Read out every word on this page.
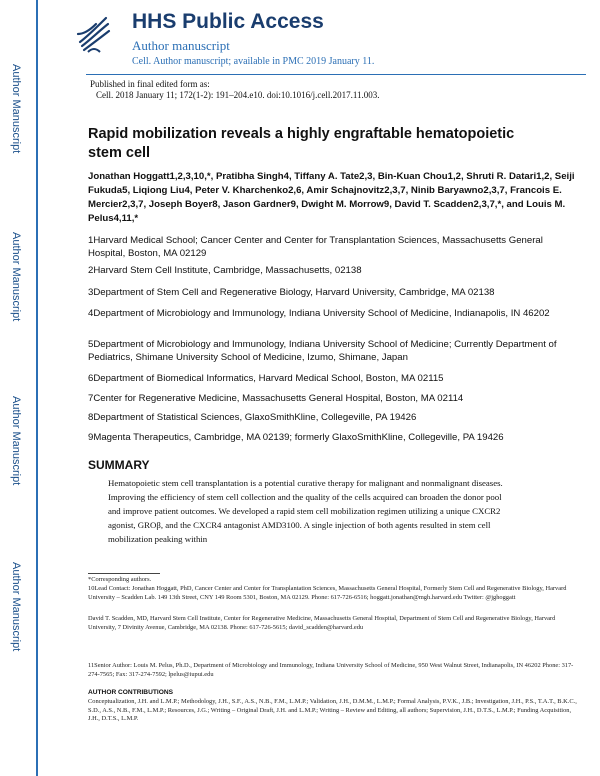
Author Manuscript
Author Manuscript
Author Manuscript
Author Manuscript
HHS Public Access
Author manuscript
Cell. Author manuscript; available in PMC 2019 January 11.
Published in final edited form as:
Cell. 2018 January 11; 172(1-2): 191–204.e10. doi:10.1016/j.cell.2017.11.003.
Rapid mobilization reveals a highly engraftable hematopoietic stem cell
Jonathan Hoggatt1,2,3,10,*, Pratibha Singh4, Tiffany A. Tate2,3, Bin-Kuan Chou1,2, Shruti R. Datari1,2, Seiji Fukuda5, Liqiong Liu4, Peter V. Kharchenko2,6, Amir Schajnovitz2,3,7, Ninib Baryawno2,3,7, Francois E. Mercier2,3,7, Joseph Boyer8, Jason Gardner9, Dwight M. Morrow9, David T. Scadden2,3,7,*, and Louis M. Pelus4,11,*
1Harvard Medical School; Cancer Center and Center for Transplantation Sciences, Massachusetts General Hospital, Boston, MA 02129
2Harvard Stem Cell Institute, Cambridge, Massachusetts, 02138
3Department of Stem Cell and Regenerative Biology, Harvard University, Cambridge, MA 02138
4Department of Microbiology and Immunology, Indiana University School of Medicine, Indianapolis, IN 46202
5Department of Microbiology and Immunology, Indiana University School of Medicine; Currently Department of Pediatrics, Shimane University School of Medicine, Izumo, Shimane, Japan
6Department of Biomedical Informatics, Harvard Medical School, Boston, MA 02115
7Center for Regenerative Medicine, Massachusetts General Hospital, Boston, MA 02114
8Department of Statistical Sciences, GlaxoSmithKline, Collegeville, PA 19426
9Magenta Therapeutics, Cambridge, MA 02139; formerly GlaxoSmithKline, Collegeville, PA 19426
SUMMARY
Hematopoietic stem cell transplantation is a potential curative therapy for malignant and nonmalignant diseases. Improving the efficiency of stem cell collection and the quality of the cells acquired can broaden the donor pool and improve patient outcomes. We developed a rapid stem cell mobilization regimen utilizing a unique CXCR2 agonist, GROβ, and the CXCR4 antagonist AMD3100. A single injection of both agents resulted in stem cell mobilization peaking within
*Corresponding authors.
10Lead Contact: Jonathan Hoggatt, PhD, Cancer Center and Center for Transplantation Sciences, Massachusetts General Hospital, Formerly Stem Cell and Regenerative Biology, Harvard University – Scadden Lab. 149 13th Street, CNY 149 Room 5301, Boston, MA 02129. Phone: 617-726-6516; hoggatt.jonathan@mgh.harvard.edu Twitter: @jghoggatt
David T. Scadden, MD, Harvard Stem Cell Institute, Center for Regenerative Medicine, Massachusetts General Hospital, Department of Stem Cell and Regenerative Biology, Harvard University, 7 Divinity Avenue, Cambridge, MA 02138. Phone: 617-726-5615; david_scadden@harvard.edu
11Senior Author: Louis M. Pelus, Ph.D., Department of Microbiology and Immunology, Indiana University School of Medicine, 950 West Walnut Street, Indianapolis, IN 46202 Phone: 317-274-7565; Fax: 317-274-7592; lpelus@iupui.edu
AUTHOR CONTRIBUTIONS
Conceptualization, J.H. and L.M.P.; Methodology, J.H., S.F., A.S., N.B., F.M., L.M.P.; Validation, J.H., D.M.M., L.M.P.; Formal Analysis, P.V.K., J.B.; Investigation, J.H., P.S., T.A.T., B.K.C., S.D., A.S., N.B., F.M., L.M.P.; Resources, J.G.; Writing – Original Draft, J.H. and L.M.P.; Writing – Review and Editing, all authors; Supervision, J.H., D.T.S., L.M.P.; Funding Acquisition, J.H., D.T.S., L.M.P.
